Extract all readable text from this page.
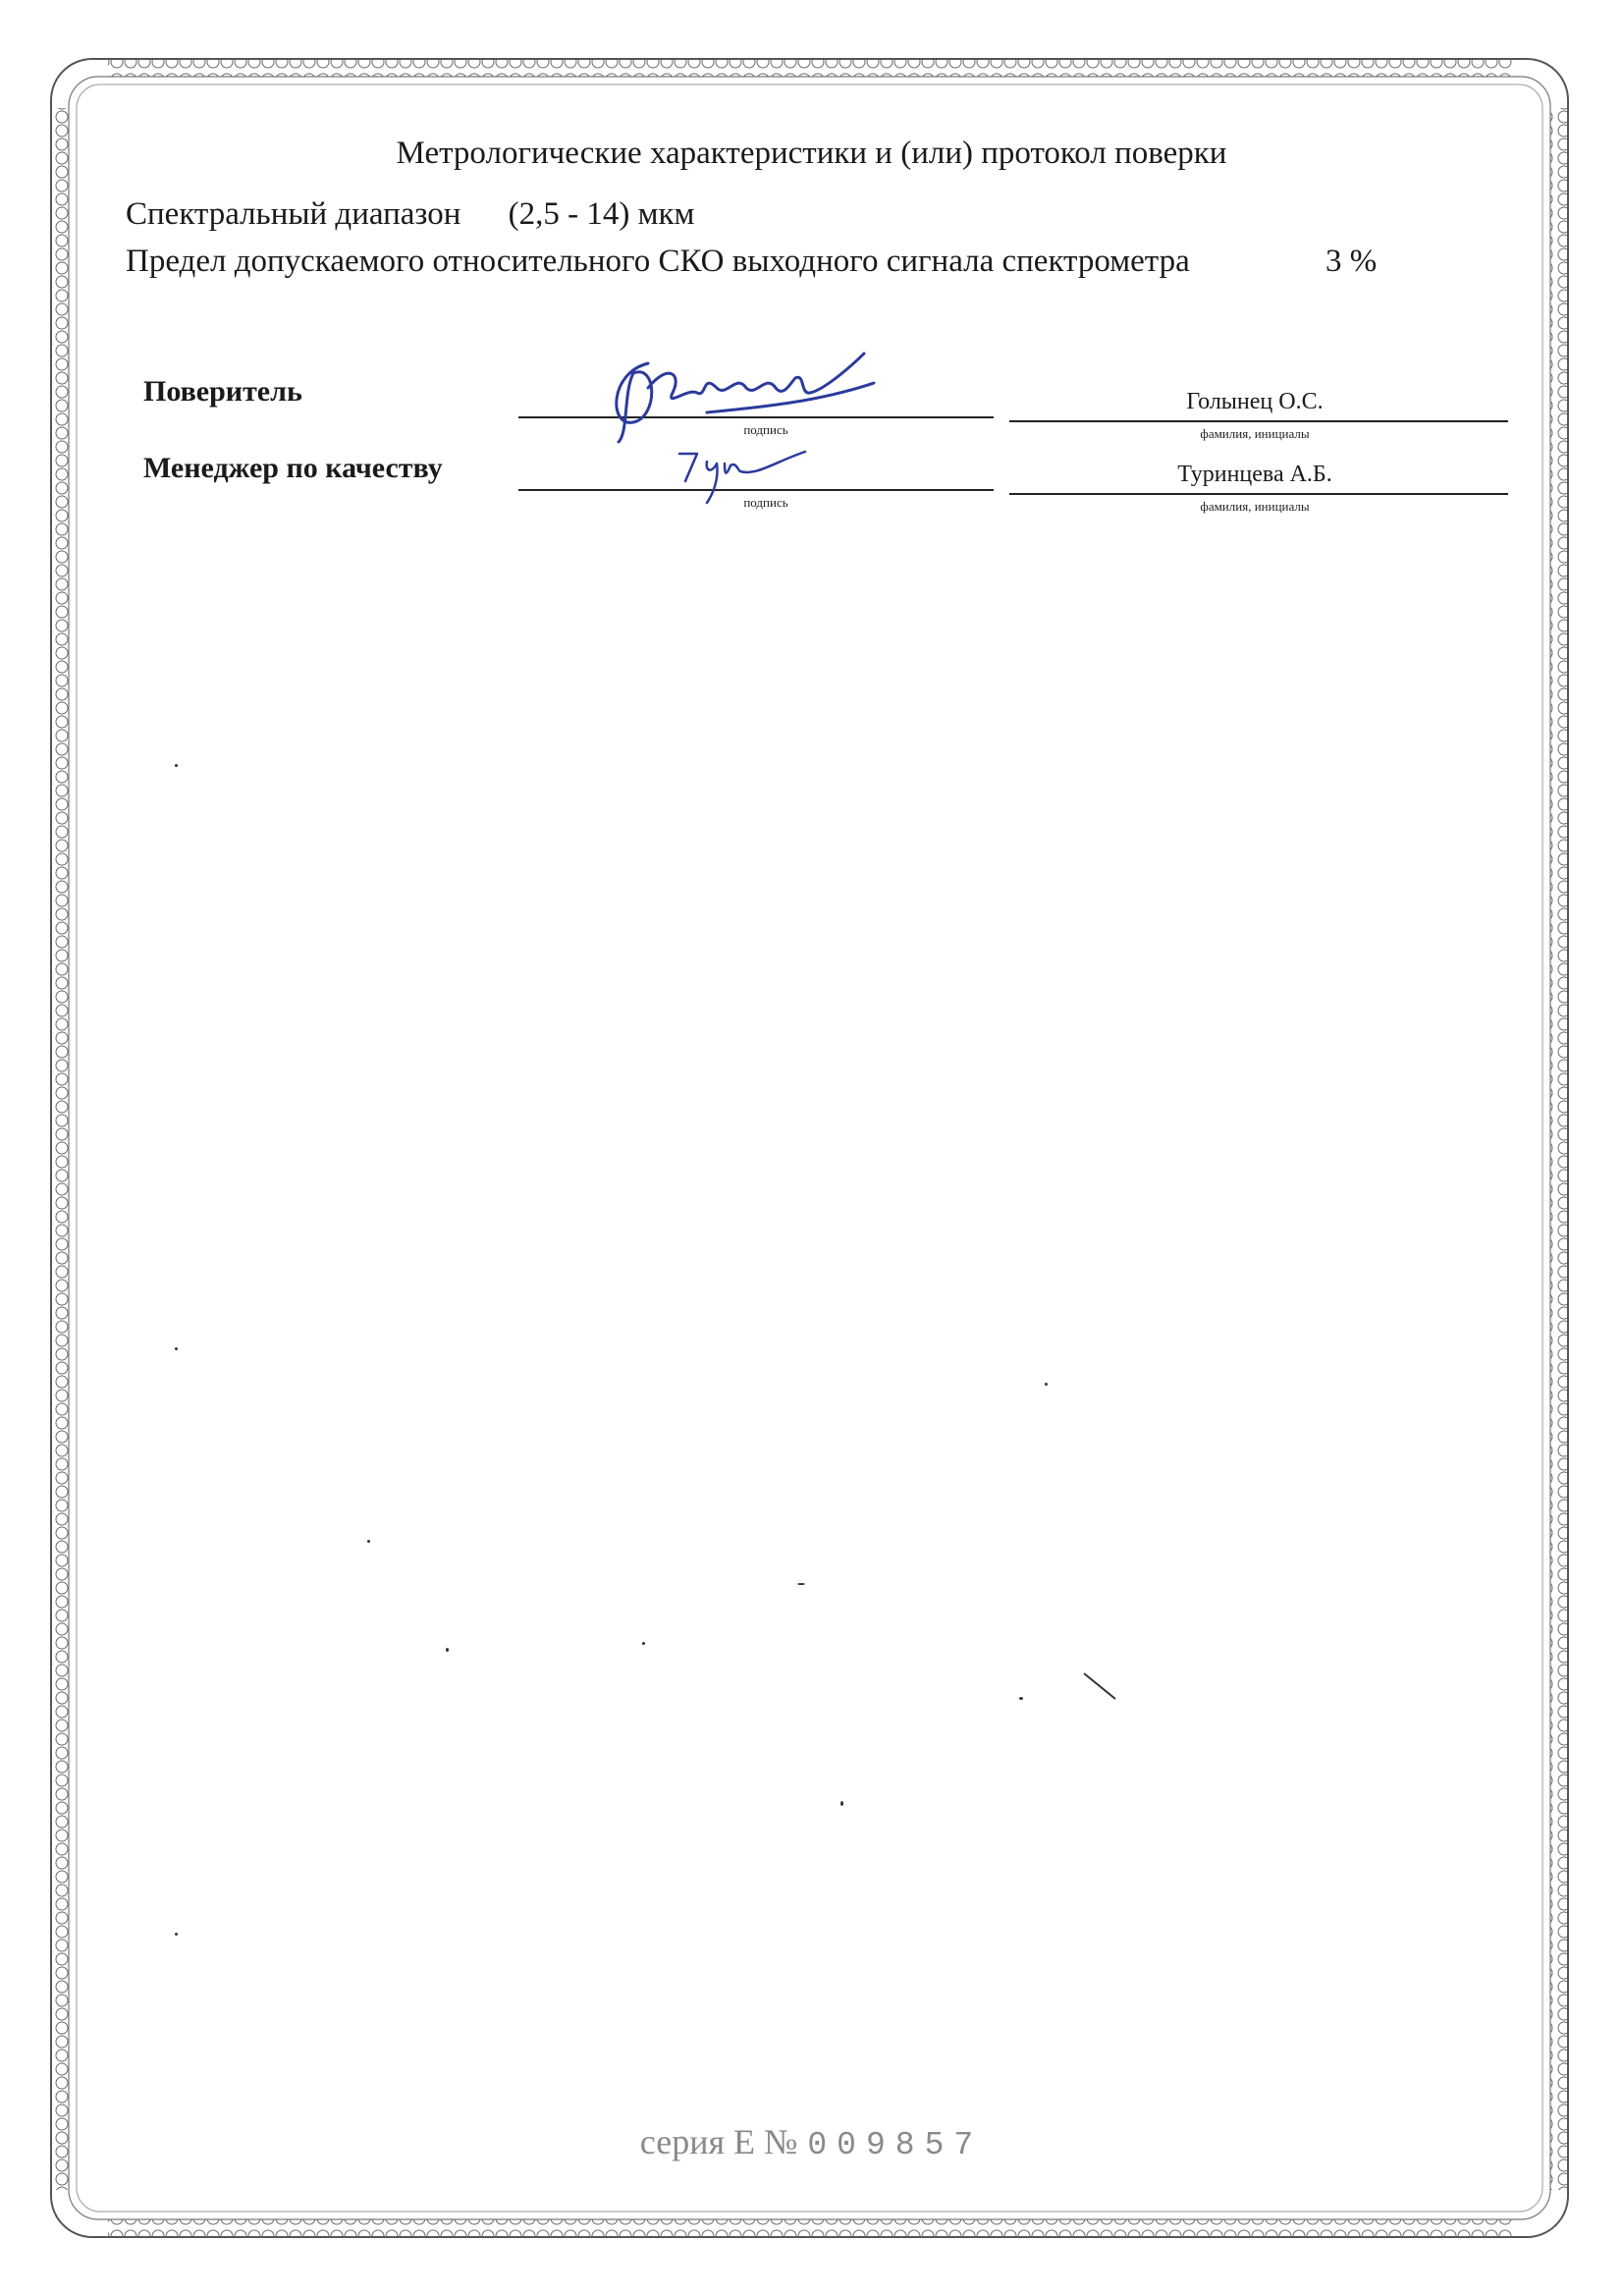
Метрологические характеристики и (или) протокол поверки
Спектральный диапазон (2,5 - 14) мкм
Предел допускаемого относительного СКО выходного сигнала спектрометра	3 %
Поверитель
подпись
Голынец О.С.
фамилия, инициалы
Менеджер по качеству
подпись
Туринцева А.Б.
фамилия, инициалы
серия Е № 009857
